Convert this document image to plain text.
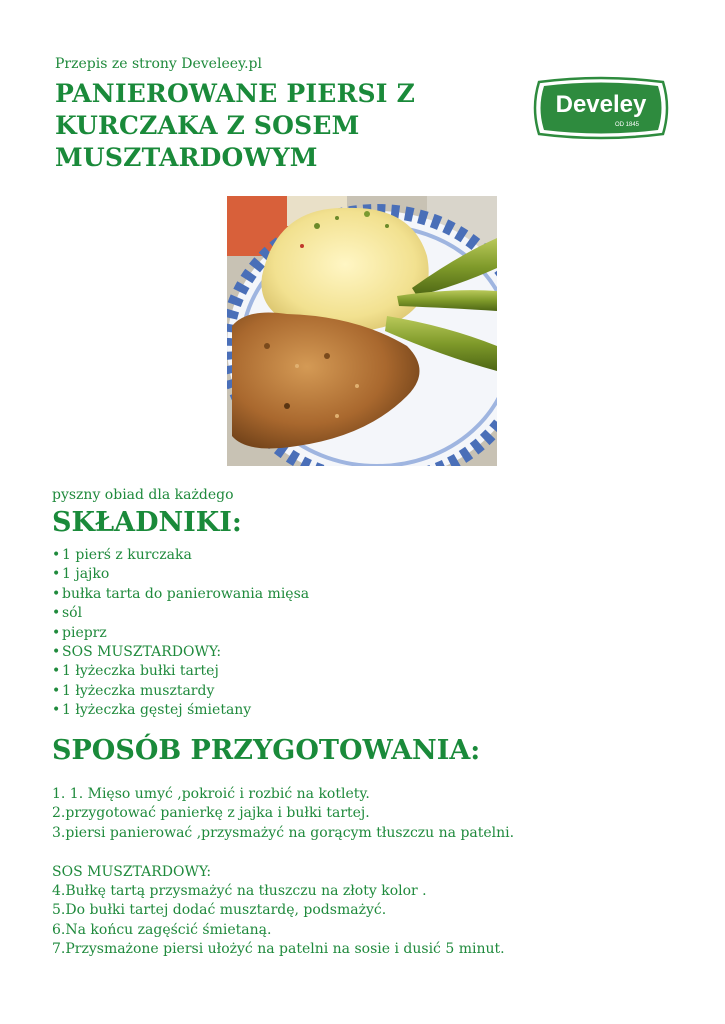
Przepis ze strony Develeey.pl
PANIEROWANE PIERSI Z KURCZAKA Z SOSEM MUSZTARDOWYM
Develey
OD 1845
pyszny obiad dla każdego
SKŁADNIKI:
• 1 pierś z kurczaka
• 1 jajko
• bułka tarta do panierowania mięsa
• sól
• pieprz
• SOS MUSZTARDOWY:
• 1 łyżeczka bułki tartej
• 1 łyżeczka musztardy
• 1 łyżeczka gęstej śmietany
SPOSÓB PRZYGOTOWANIA:
1. 1. Mięso umyć ,pokroić i rozbić na kotlety.
2.przygotować panierkę z jajka i bułki tartej.
3.piersi panierować ,przysmażyć na gorącym tłuszczu na patelni.
SOS MUSZTARDOWY:
4.Bułkę tartą przysmażyć na tłuszczu na złoty kolor .
5.Do bułki tartej dodać musztardę, podsmażyć.
6.Na końcu zagęścić śmietaną.
7.Przysmażone piersi ułożyć na patelni na sosie i dusić 5 minut.
